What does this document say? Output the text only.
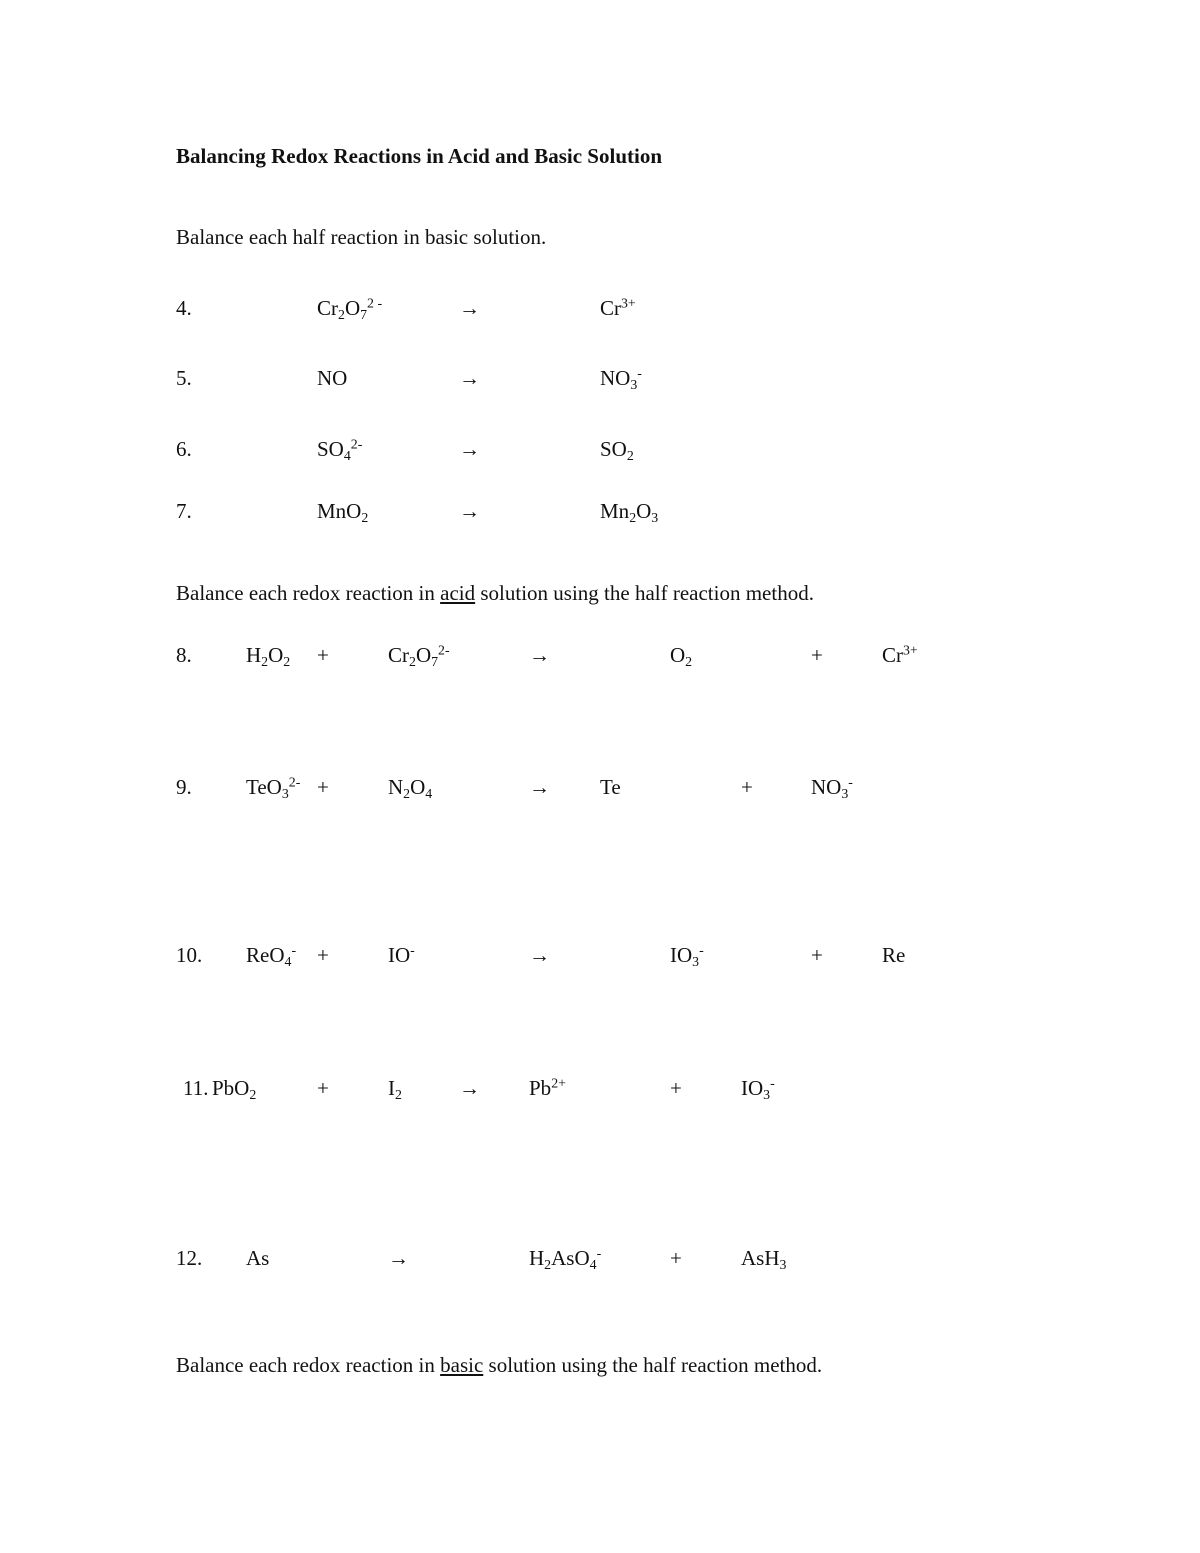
Balancing Redox Reactions in Acid and Basic Solution
Balance each half reaction in basic solution.
4.	$Cr_2O_7^{2 -}$	→	$Cr^{3+}$
5.	NO	→	$NO_3^-$
6.	$SO_4^{2-}$	→	$SO_2$
7.	MnO$_2$	→	$Mn_2O_3$
Balance each redox reaction in acid solution using the half reaction method.
8.	$H_2O_2$ +	$Cr_2O_7^{2-}$	→	$O_2$	+	$Cr^{3+}$
9.	TeO$_3^{2-}$ +	$N_2O_4$	→ Te	+	$NO_3^-$
10. ReO$_4$- +	IO-	→	$IO_3^-$	+	Re
11. PbO$_2$	+	$I_2$	→ $Pb^{2+}$	+	$IO_3^-$
12. As	→	$H_2AsO_4^-$	+	AsH$_3$
Balance each redox reaction in basic solution using the half reaction method.
